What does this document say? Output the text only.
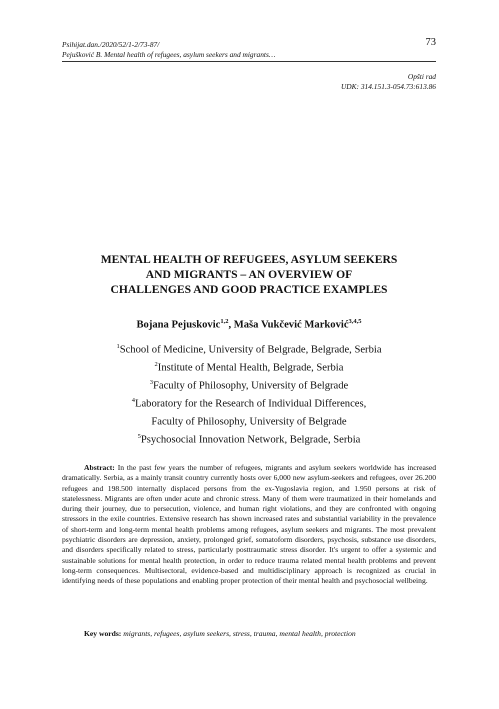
Psihijat.dan./2020/52/1-2/73-87/
Pejušković B. Mental health of refugees, asylum seekers and migrants…
73
Opšti rad
UDK: 314.151.3-054.73:613.86
MENTAL HEALTH OF REFUGEES, ASYLUM SEEKERS
AND MIGRANTS – AN OVERVIEW OF
CHALLENGES AND GOOD PRACTICE EXAMPLES
Bojana Pejuskovic$^{1,2}$, Maša Vukčević Marković$^{3,4,5}$
$^1$School of Medicine, University of Belgrade, Belgrade, Serbia
$^2$Institute of Mental Health, Belgrade, Serbia
$^3$Faculty of Philosophy, University of Belgrade
$^4$Laboratory for the Research of Individual Differences,
Faculty of Philosophy, University of Belgrade
$^5$Psychosocial Innovation Network, Belgrade, Serbia
Abstract: In the past few years the number of refugees, migrants and asylum seekers worldwide has increased dramatically. Serbia, as a mainly transit country currently hosts over 6,000 new asylum-seekers and refugees, over 26.200 refugees and 198.500 internally displaced persons from the ex-Yugoslavia region, and 1.950 persons at risk of statelessness. Migrants are often under acute and chronic stress. Many of them were traumatized in their homelands and during their journey, due to persecution, violence, and human right violations, and they are confronted with ongoing stressors in the exile countries. Extensive research has shown increased rates and substantial variability in the prevalence of short-term and long-term mental health problems among refugees, asylum seekers and migrants. The most prevalent psychiatric disorders are depression, anxiety, prolonged grief, somatoform disorders, psychosis, substance use disorders, and disorders specifically related to stress, particularly posttraumatic stress disorder. It's urgent to offer a systemic and sustainable solutions for mental health protection, in order to reduce trauma related mental health problems and prevent long-term consequences. Multisectoral, evidence-based and multidisciplinary approach is recognized as crucial in identifying needs of these populations and enabling proper protection of their mental health and psychosocial wellbeing.
Key words: migrants, refugees, asylum seekers, stress, trauma, mental health, protection
